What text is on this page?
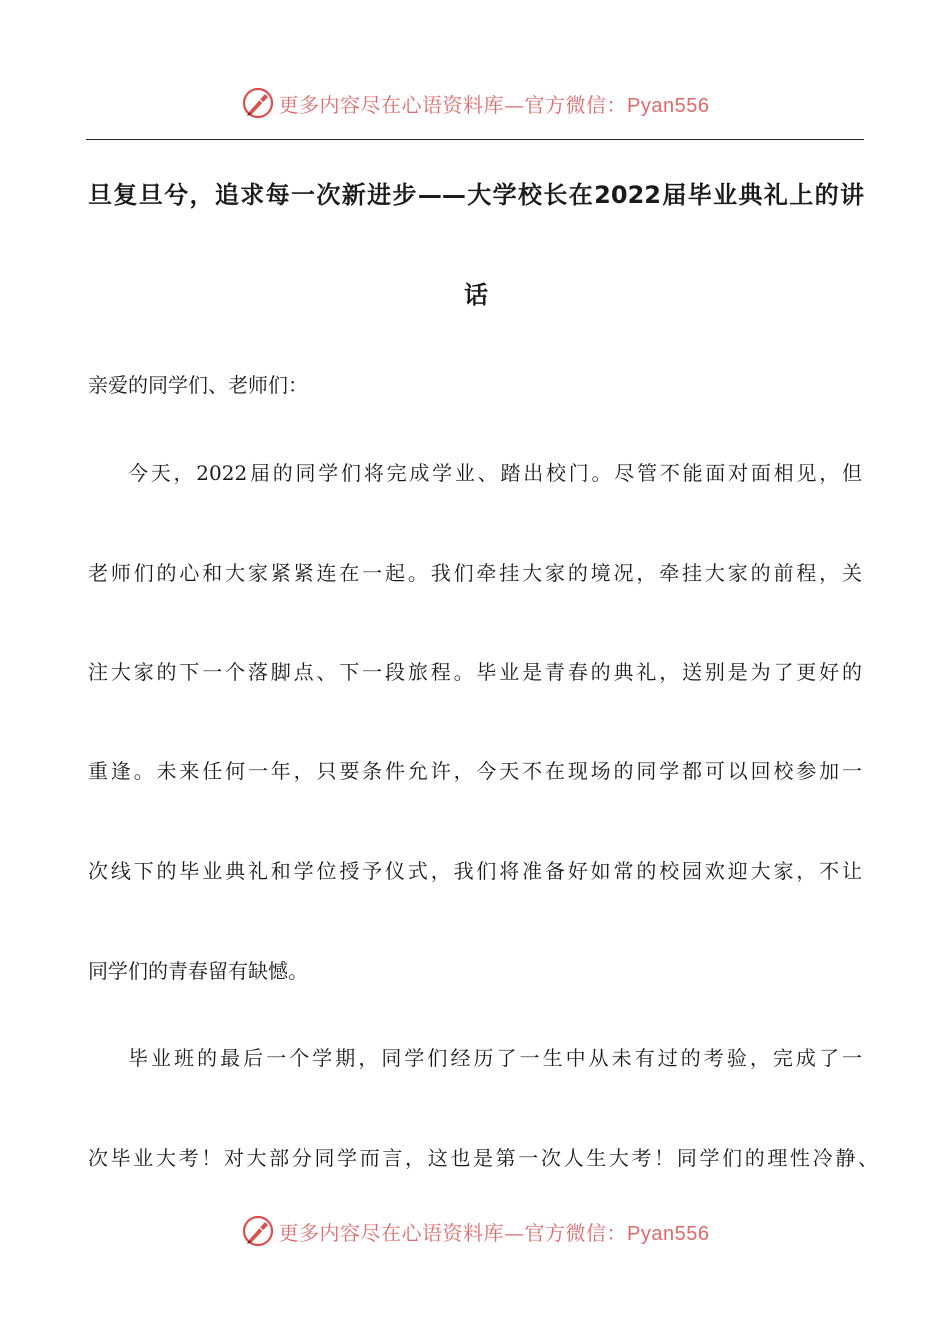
更多内容尽在心语资料库—官方微信：Pyan556
旦复旦兮，追求每一次新进步——大学校长在2022届毕业典礼上的讲
话
亲爱的同学们、老师们：
今天，2022届的同学们将完成学业、踏出校门。尽管不能面对面相见，但
老师们的心和大家紧紧连在一起。我们牵挂大家的境况，牵挂大家的前程，关
注大家的下一个落脚点、下一段旅程。毕业是青春的典礼，送别是为了更好的
重逢。未来任何一年，只要条件允许，今天不在现场的同学都可以回校参加一
次线下的毕业典礼和学位授予仪式，我们将准备好如常的校园欢迎大家，不让
同学们的青春留有缺憾。
毕业班的最后一个学期，同学们经历了一生中从未有过的考验，完成了一
次毕业大考！对大部分同学而言，这也是第一次人生大考！同学们的理性冷静、
更多内容尽在心语资料库—官方微信：Pyan556
